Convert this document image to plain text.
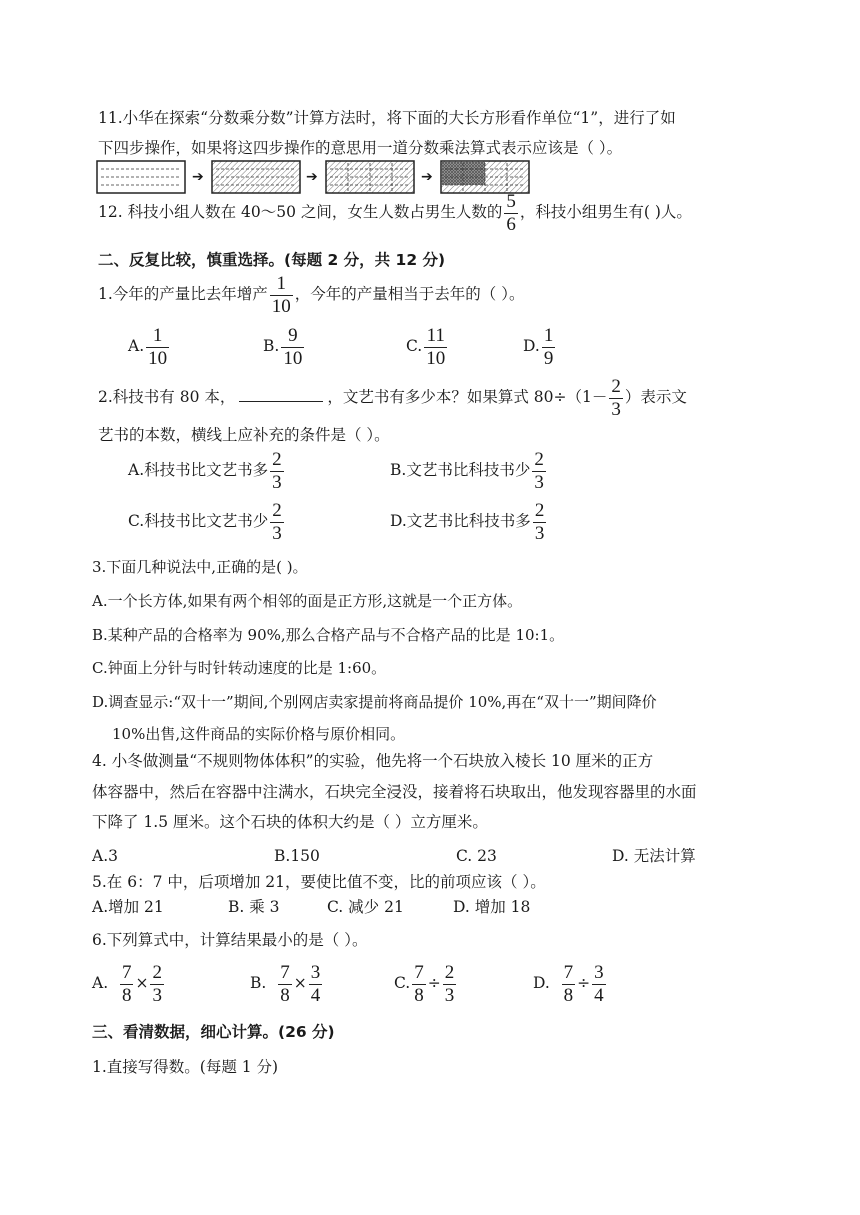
11.小华在探索“分数乘分数”计算方法时，将下面的大长方形看作单位“1”，进行了如
下四步操作，如果将这四步操作的意思用一道分数乘法算式表示应该是（ ）。
➔	➔	➔
12. 科技小组人数在 40～50 之间，女生人数占男生人数的 $\frac{5}{6}$ ，科技小组男生有( )人。
二、反复比较，慎重选择。(每题 2 分，共 12 分)
1.今年的产量比去年增产 $\frac{1}{10}$ ，今年的产量相当于去年的（ ）。
A. $\frac{1}{10}$	B. $\frac{9}{10}$	C. $\frac{11}{10}$	D. $\frac{1}{9}$
2.科技书有 80 本，	，文艺书有多少本？如果算式 $80\div(1- \frac{2}{3}$ ）表示文
艺书的本数，横线上应补充的条件是（ ）。
A.科技书比文艺书多 $\frac{2}{3}$	B.文艺书比科技书少 $\frac{2}{3}$
C.科技书比文艺书少 $\frac{2}{3}$	D.文艺书比科技书多 $\frac{2}{3}$
3.下面几种说法中,正确的是( )。
A.一个长方体,如果有两个相邻的面是正方形,这就是一个正方体。
B.某种产品的合格率为 90%,那么合格产品与不合格产品的比是 10:1。
C.钟面上分针与时针转动速度的比是 1:60。
D.调查显示:“双十一”期间,个别网店卖家提前将商品提价 10%,再在“双十一”期间降价
10%出售,这件商品的实际价格与原价相同。
4. 小冬做测量“不规则物体体积”的实验，他先将一个石块放入棱长 10 厘米的正方
体容器中，然后在容器中注满水，石块完全浸没，接着将石块取出，他发现容器里的水面
下降了 1.5 厘米。这个石块的体积大约是（ ）立方厘米。
A.3	B.150	C. 23	D. 无法计算
5.在 6：7 中，后项增加 21，要使比值不变，比的前项应该（ ）。
A.增加 21	B. 乘 3	C. 减少 21	D. 增加 18
6.下列算式中，计算结果最小的是（ ）。
A. $\frac{7}{8} \times \frac{2}{3}$	B. $\frac{7}{8} \times \frac{3}{4}$	C. $\frac{7}{8} \div \frac{2}{3}$	D. $\frac{7}{8} \div \frac{3}{4}$
三、看清数据，细心计算。(26 分)
1.直接写得数。(每题 1 分)
